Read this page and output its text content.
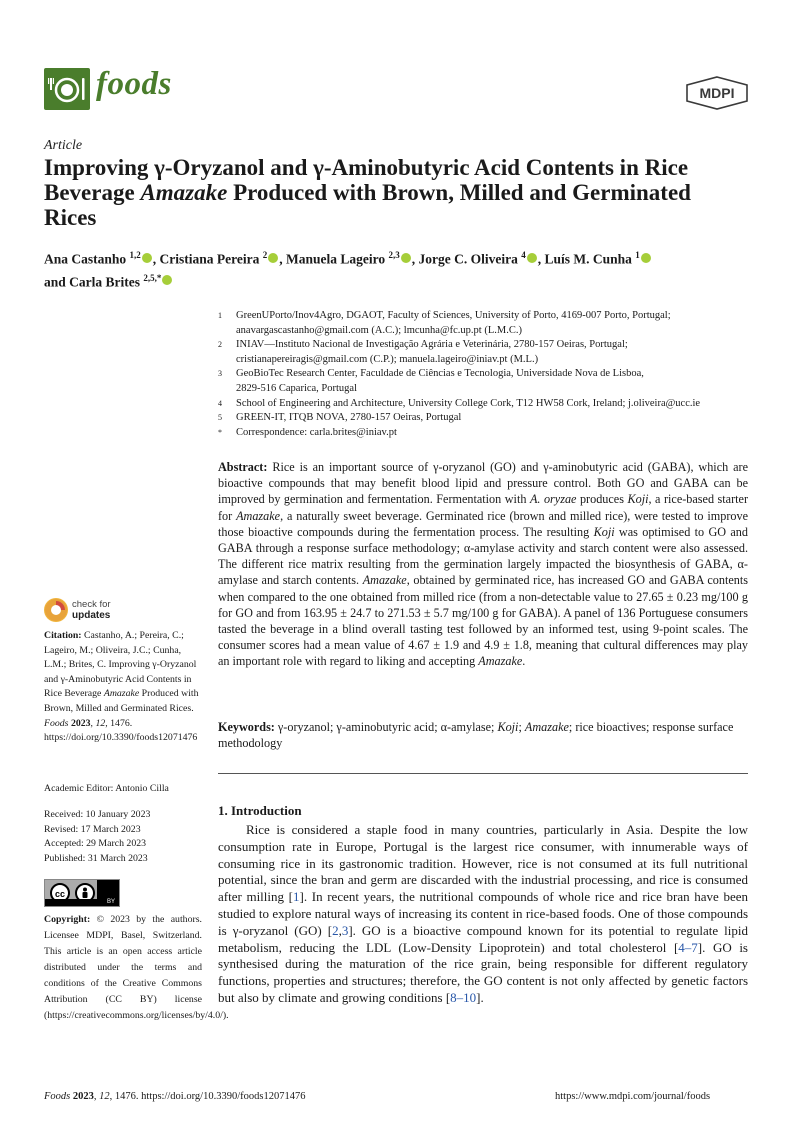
foods	MDPI
Article
Improving γ-Oryzanol and γ-Aminobutyric Acid Contents in Rice Beverage Amazake Produced with Brown, Milled and Germinated Rices
Ana Castanho $^{1,2}$ , Cristiana Pereira $^2$ , Manuela Lageiro $^{2,3}$ , Jorge C. Oliveira $^4$ , Luís M. Cunha $^1$
and Carla Brites $^{2,5,*}$
1	GreenUPorto/Inov4Agro, DGAOT, Faculty of Sciences, University of Porto, 4169-007 Porto, Portugal;
anavargascastanho@gmail.com (A.C.); lmcunha@fc.up.pt (L.M.C.)
2	INIAV—Instituto Nacional de Investigação Agrária e Veterinária, 2780-157 Oeiras, Portugal;
cristianapereiragis@gmail.com (C.P.); manuela.lageiro@iniav.pt (M.L.)
3	GeoBioTec Research Center, Faculdade de Ciências e Tecnologia, Universidade Nova de Lisboa,
2829-516 Caparica, Portugal
4	School of Engineering and Architecture, University College Cork, T12 HW58 Cork, Ireland; j.oliveira@ucc.ie
5	GREEN-IT, ITQB NOVA, 2780-157 Oeiras, Portugal
*	Correspondence: carla.brites@iniav.pt
Abstract: Rice is an important source of γ-oryzanol (GO) and γ-aminobutyric acid (GABA), which are bioactive compounds that may benefit blood lipid and pressure control. Both GO and GABA can be improved by germination and fermentation. Fermentation with A. oryzae produces Koji, a rice-based starter for Amazake, a naturally sweet beverage. Germinated rice (brown and milled rice), were tested to improve those bioactive compounds during the fermentation process. The resulting Koji was optimised to GO and GABA through a response surface methodology; α-amylase activity and starch content were also assessed. The different rice matrix resulting from the germination largely impacted the biosynthesis of GABA, α-amylase and starch contents. Amazake, obtained by germinated rice, has increased GO and GABA contents when compared to the one obtained from milled rice (from a non-detectable value to 27.65 ± 0.23 mg/100 g for GO and from 163.95 ± 24.7 to 271.53 ± 5.7 mg/100 g for GABA). A panel of 136 Portuguese consumers tasted the beverage in a blind overall tasting test followed by an informed test, using 9-point scales. The consumer scores had a mean value of 4.67 ± 1.9 and 4.9 ± 1.8, meaning that cultural differences may play an important role with regard to liking and accepting Amazake.
Keywords: γ-oryzanol; γ-aminobutyric acid; α-amylase; Koji; Amazake; rice bioactives; response surface methodology
1. Introduction
Rice is considered a staple food in many countries, particularly in Asia. Despite the low consumption rate in Europe, Portugal is the largest rice consumer, with innumerable ways of consuming rice in its gastronomic tradition. However, rice is not consumed at its full nutritional potential, since the bran and germ are discarded with the industrial processing, and rice is consumed after milling [1]. In recent years, the nutritional compounds of whole rice and rice bran have been studied to explore natural ways of increasing its content in rice-based foods. One of those compounds is γ-oryzanol (GO) [2,3]. GO is a bioactive compound known for its potential to regulate lipid metabolism, reducing the LDL (Low-Density Lipoprotein) and total cholesterol [4–7]. GO is synthesised during the maturation of the rice grain, being responsible for different regulatory functions, properties and structures; therefore, the GO content is not only affected by genetic factors but also by climate and growing conditions [8–10].
check for
updates
Citation: Castanho, A.; Pereira, C.; Lageiro, M.; Oliveira, J.C.; Cunha, L.M.; Brites, C. Improving γ-Oryzanol and γ-Aminobutyric Acid Contents in Rice Beverage Amazake Produced with Brown, Milled and Germinated Rices. Foods 2023, 12, 1476. https://doi.org/10.3390/foods12071476
Academic Editor: Antonio Cilla
Received: 10 January 2023
Revised: 17 March 2023
Accepted: 29 March 2023
Published: 31 March 2023
cc
BY
Copyright: © 2023 by the authors. Licensee MDPI, Basel, Switzerland. This article is an open access article distributed under the terms and conditions of the Creative Commons Attribution (CC BY) license (https://creativecommons.org/licenses/by/4.0/).
Foods 2023, 12, 1476. https://doi.org/10.3390/foods12071476	https://www.mdpi.com/journal/foods
